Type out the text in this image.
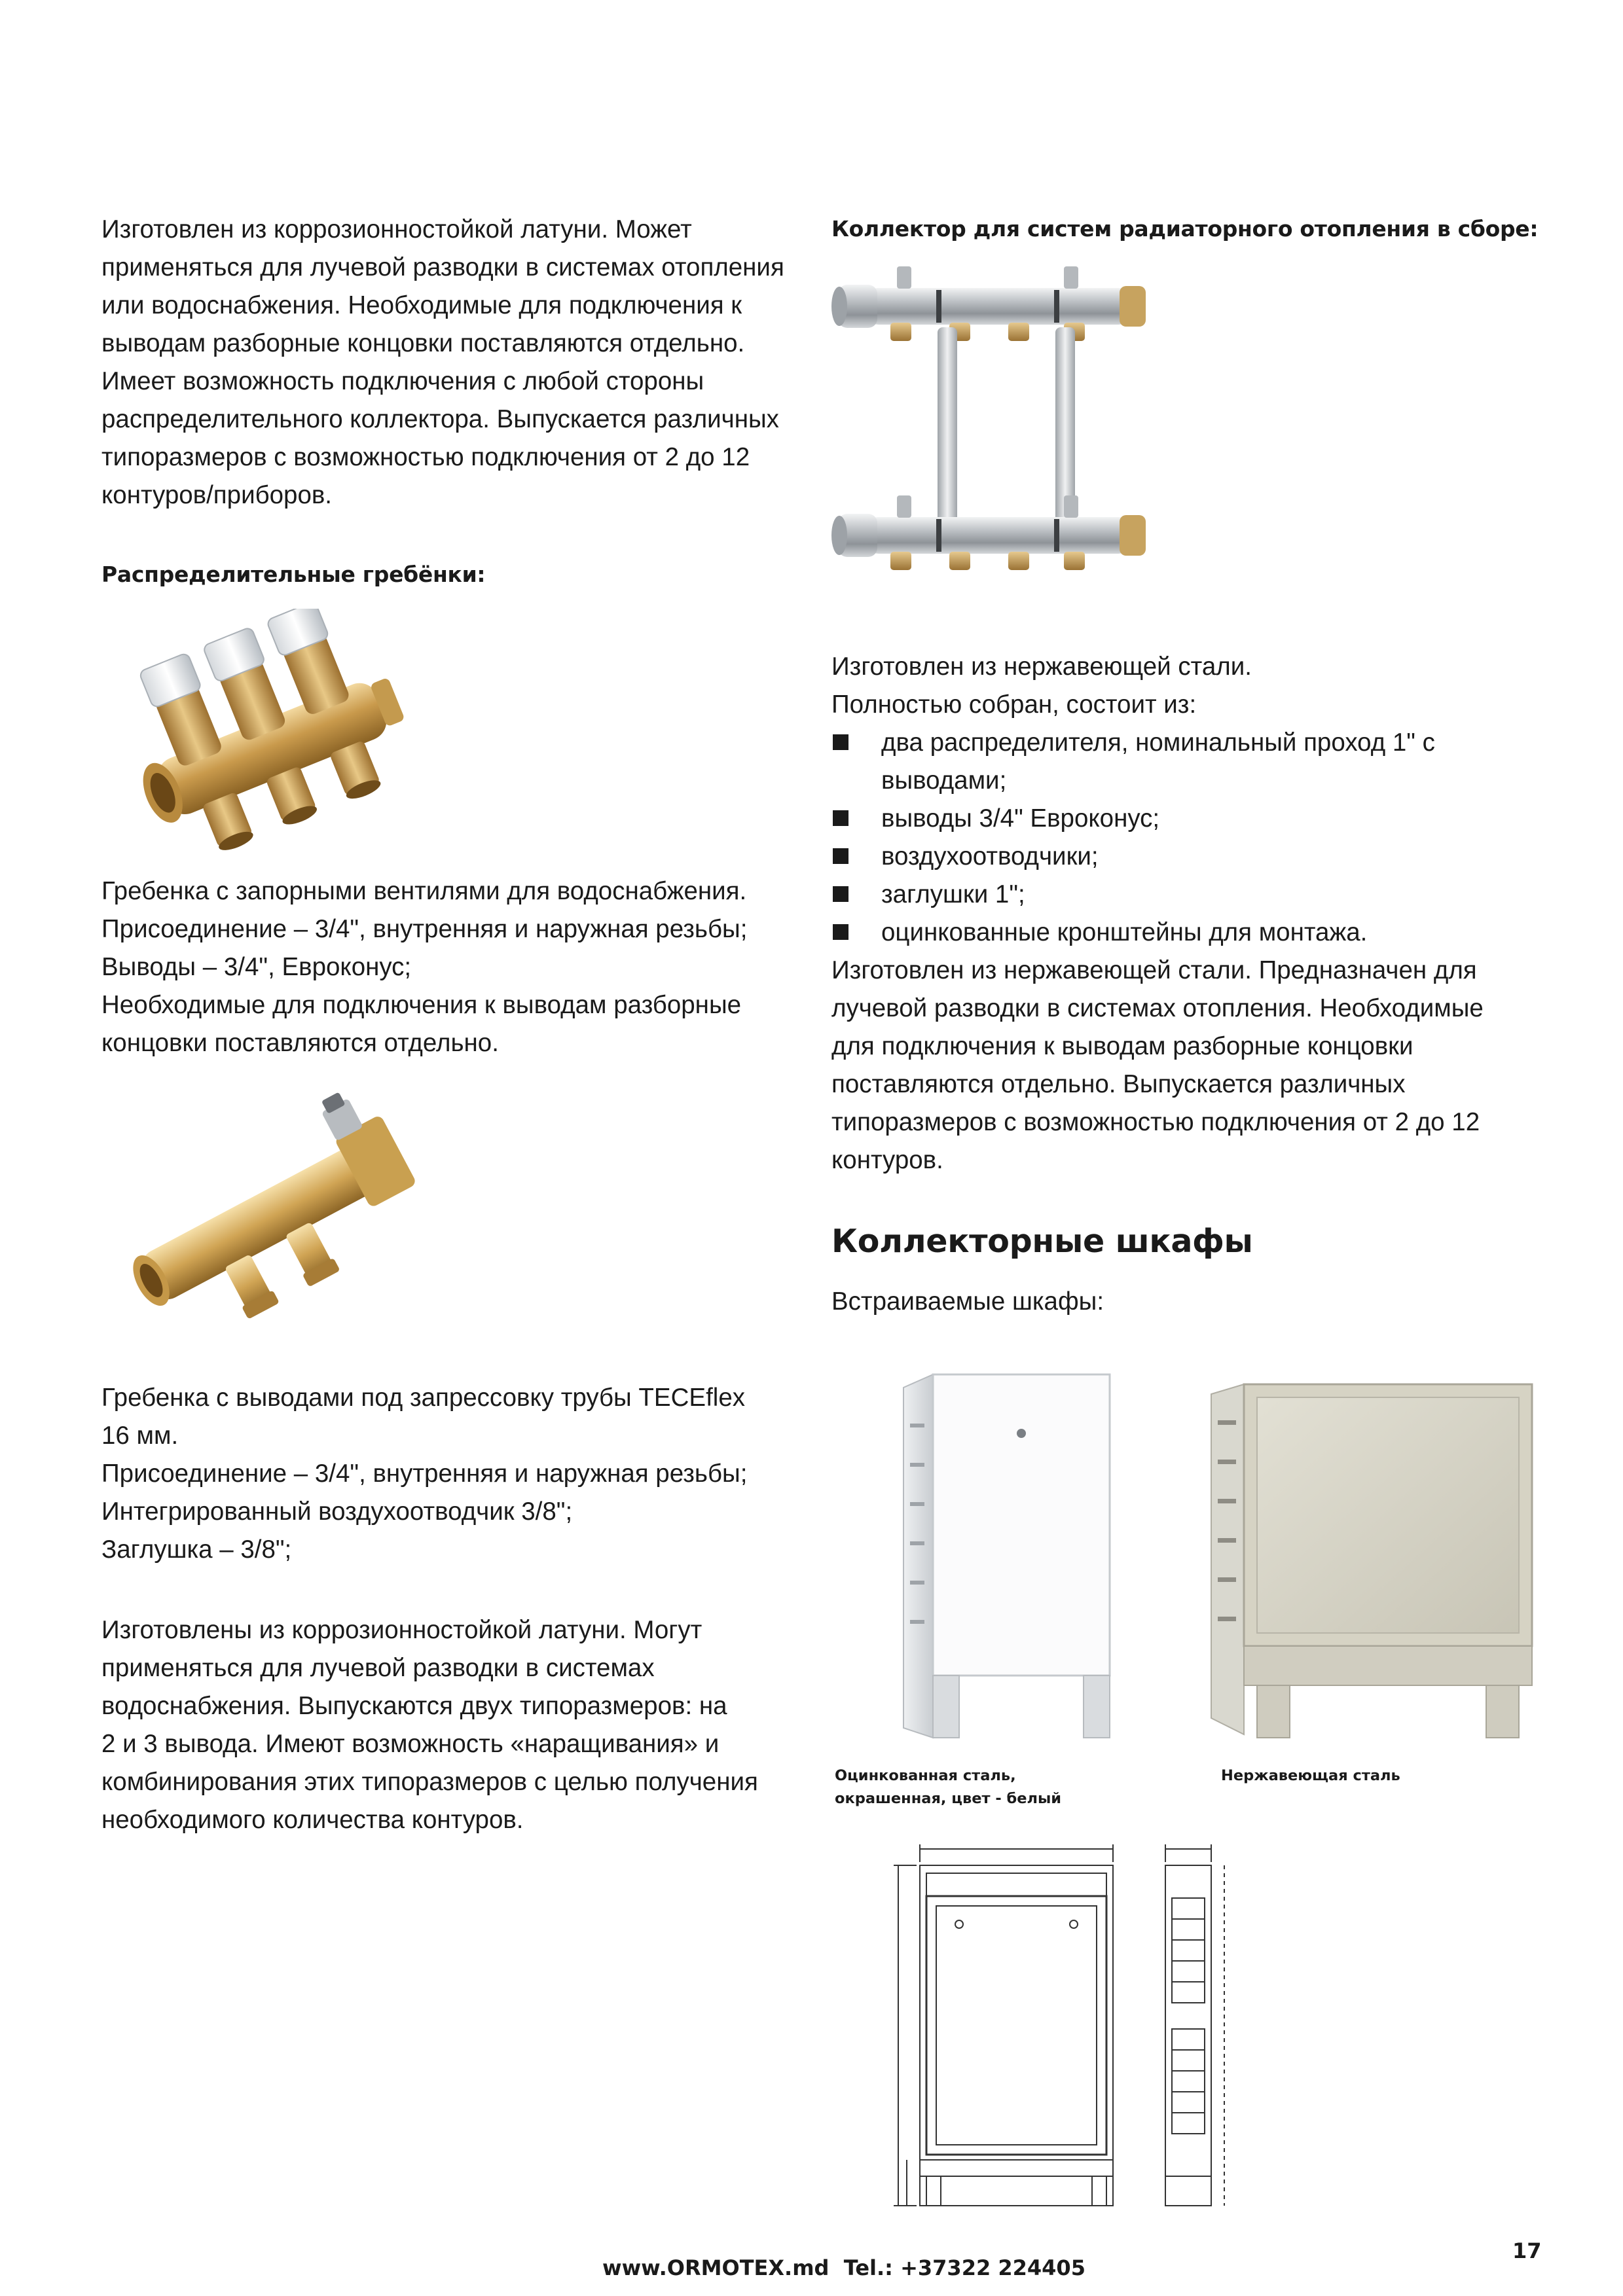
Изготовлен из коррозионностойкой латуни. Может
применяться для лучевой разводки в системах отопления
или водоснабжения. Необходимые для подключения к
выводам разборные концовки поставляются отдельно.
Имеет возможность подключения с любой стороны
распределительного коллектора. Выпускается различных
типоразмеров с возможностью подключения от 2 до 12
контуров/приборов.
Распределительные гребёнки:
Гребенка с запорными вентилями для водоснабжения.
Присоединение – 3/4", внутренняя и наружная резьбы;
Выводы – 3/4", Евроконус;
Необходимые для подключения к выводам разборные
концовки поставляются отдельно.
Гребенка с выводами под запрессовку трубы TECEflex
16 мм.
Присоединение – 3/4", внутренняя и наружная резьбы;
Интегрированный воздухоотводчик 3/8";
Заглушка – 3/8";
Изготовлены из коррозионностойкой латуни. Могут
применяться для лучевой разводки в системах
водоснабжения. Выпускаются двух типоразмеров: на
2 и 3 вывода. Имеют возможность «наращивания» и
комбинирования этих типоразмеров с целью получения
необходимого количества контуров.
Коллектор для систем радиаторного отопления в сборе:
Изготовлен из нержавеющей стали.
Полностью собран, состоит из:
два распределителя, номинальный проход 1" с
выводами;
выводы 3/4" Евроконус;
воздухоотводчики;
заглушки 1";
оцинкованные кронштейны для монтажа.
Изготовлен из нержавеющей стали. Предназначен для
лучевой разводки в системах отопления. Необходимые
для подключения к выводам разборные концовки
поставляются отдельно. Выпускается различных
типоразмеров с возможностью подключения от 2 до 12
контуров.
Коллекторные шкафы
Встраиваемые шкафы:
Оцинкованная сталь,
окрашенная, цвет - белый
Нержавеющая сталь
www.ORMOTEX.md Tel.: +37322 224405
17
